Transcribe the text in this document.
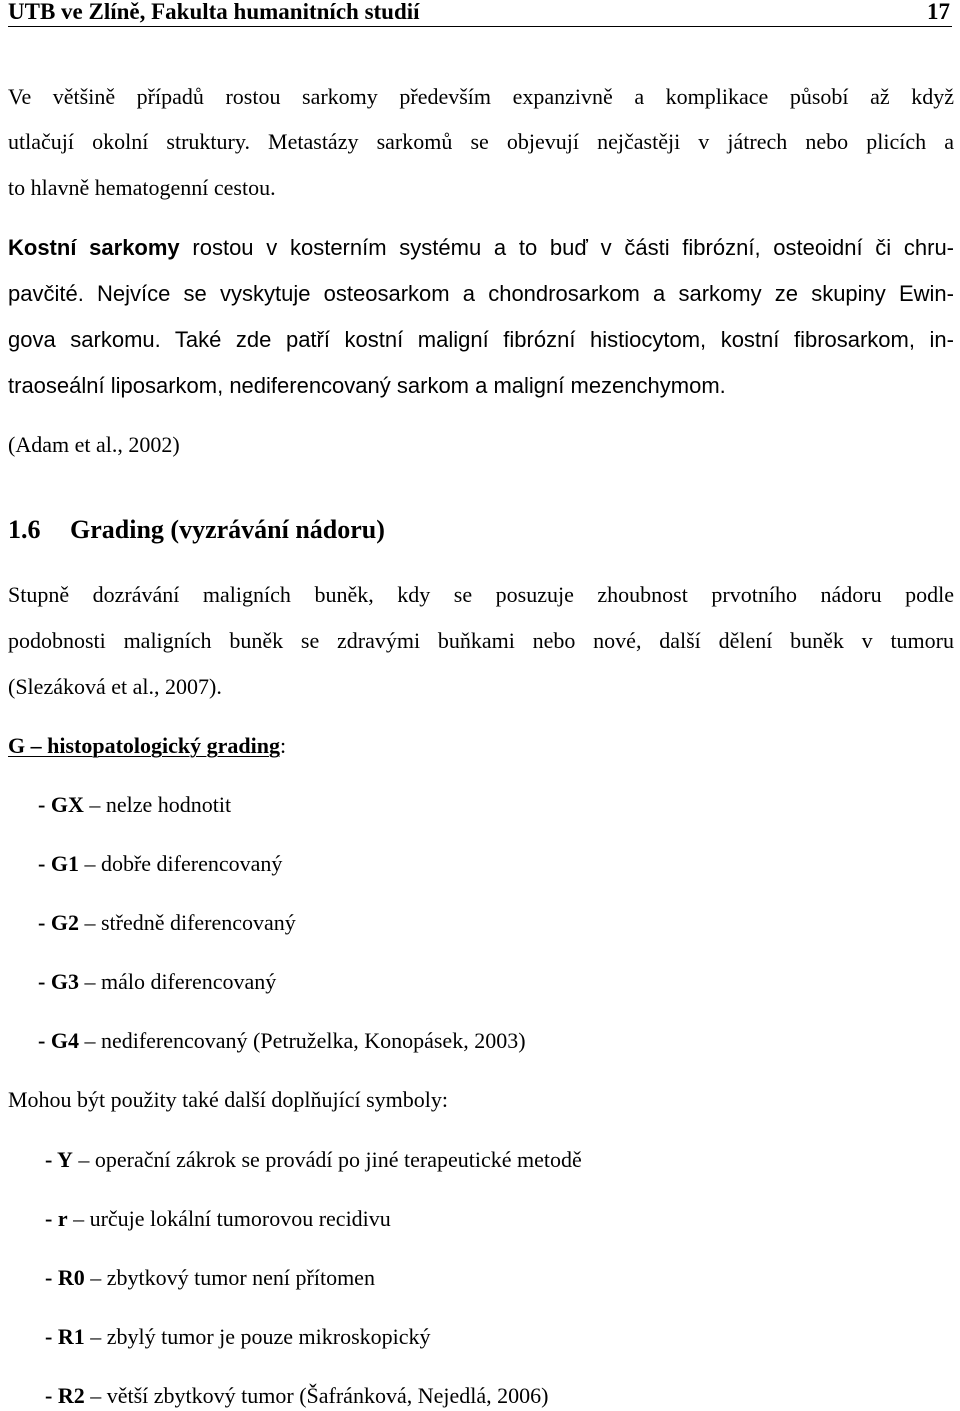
UTB ve Zlíně, Fakulta humanitních studií	17
Ve většině případů rostou sarkomy především expanzivně a komplikace působí až když
utlačují okolní struktury. Metastázy sarkomů se objevují nejčastěji v játrech nebo plicích a
to hlavně hematogenní cestou.
Kostní sarkomy rostou v kosterním systému a to buď v části fibrózní, osteoidní či chru-
pavčité. Nejvíce se vyskytuje osteosarkom a chondrosarkom a sarkomy ze skupiny Ewin-
gova sarkomu. Také zde patří kostní maligní fibrózní histiocytom, kostní fibrosarkom, in-
traoseální liposarkom, nediferencovaný sarkom a maligní mezenchymom.
(Adam et al., 2002)
1.6 Grading (vyzrávání nádoru)
Stupně dozrávání maligních buněk, kdy se posuzuje zhoubnost prvotního nádoru podle
podobnosti maligních buněk se zdravými buňkami nebo nové, další dělení buněk v tumoru
(Slezáková et al., 2007).
G – histopatologický grading:
- GX – nelze hodnotit
- G1 – dobře diferencovaný
- G2 – středně diferencovaný
- G3 – málo diferencovaný
- G4 – nediferencovaný (Petruželka, Konopásek, 2003)
Mohou být použity také další doplňující symboly:
- Y – operační zákrok se provádí po jiné terapeutické metodě
- r – určuje lokální tumorovou recidivu
- R0 – zbytkový tumor není přítomen
- R1 – zbylý tumor je pouze mikroskopický
- R2 – větší zbytkový tumor (Šafránková, Nejedlá, 2006)
